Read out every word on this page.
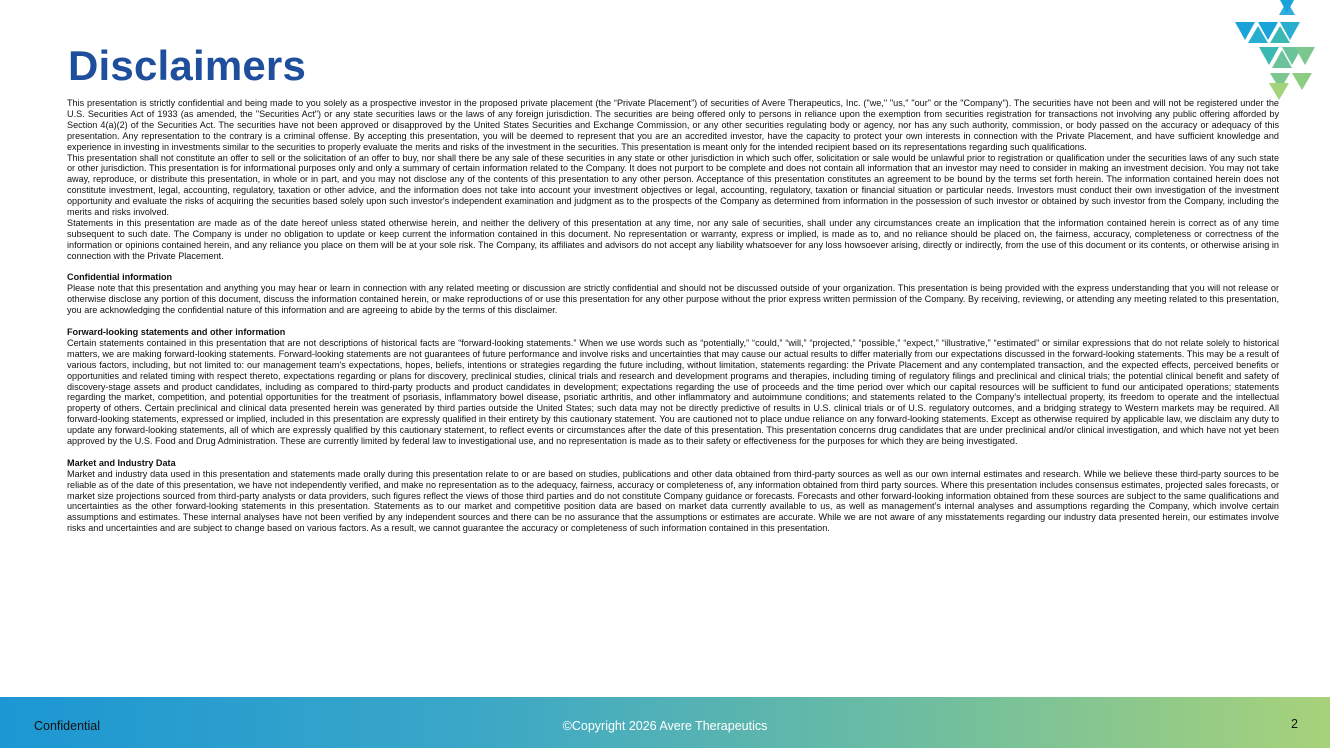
Disclaimers

This presentation is strictly confidential and being made to you solely as a prospective investor in the proposed private placement (the “Private Placement”) of securities of Avere Therapeutics, Inc. ("we," "us," "our" or the "Company"). The securities have not been and will not be registered under the U.S. Securities Act of 1933 (as amended, the "Securities Act") or any state securities laws or the laws of any foreign jurisdiction. The securities are being offered only to persons in reliance upon the exemption from securities registration for transactions not involving any public offering afforded by Section 4(a)(2) of the Securities Act. The securities have not been approved or disapproved by the United States Securities and Exchange Commission, or any other securities regulating body or agency, nor has any such authority, commission, or body passed on the accuracy or adequacy of this presentation. Any representation to the contrary is a criminal offense. By accepting this presentation, you will be deemed to represent that you are an accredited investor, have the capacity to protect your own interests in connection with the Private Placement, and have sufficient knowledge and experience in investing in investments similar to the securities to properly evaluate the merits and risks of the investment in the securities. This presentation is meant only for the intended recipient based on its representations regarding such qualifications.

This presentation shall not constitute an offer to sell or the solicitation of an offer to buy, nor shall there be any sale of these securities in any state or other jurisdiction in which such offer, solicitation or sale would be unlawful prior to registration or qualification under the securities laws of any such state or other jurisdiction. This presentation is for informational purposes only and only a summary of certain information related to the Company. It does not purport to be complete and does not contain all information that an investor may need to consider in making an investment decision. You may not take away, reproduce, or distribute this presentation, in whole or in part, and you may not disclose any of the contents of this presentation to any other person. Acceptance of this presentation constitutes an agreement to be bound by the terms set forth herein. The information contained herein does not constitute investment, legal, accounting, regulatory, taxation or other advice, and the information does not take into account your investment objectives or legal, accounting, regulatory, taxation or financial situation or particular needs. Investors must conduct their own investigation of the investment opportunity and evaluate the risks of acquiring the securities based solely upon such investor's independent examination and judgment as to the prospects of the Company as determined from information in the possession of such investor or obtained by such investor from the Company, including the merits and risks involved.

Statements in this presentation are made as of the date hereof unless stated otherwise herein, and neither the delivery of this presentation at any time, nor any sale of securities, shall under any circumstances create an implication that the information contained herein is correct as of any time subsequent to such date. The Company is under no obligation to update or keep current the information contained in this document. No representation or warranty, express or implied, is made as to, and no reliance should be placed on, the fairness, accuracy, completeness or correctness of the information or opinions contained herein, and any reliance you place on them will be at your sole risk. The Company, its affiliates and advisors do not accept any liability whatsoever for any loss howsoever arising, directly or indirectly, from the use of this document or its contents, or otherwise arising in connection with the Private Placement.

Confidential information

Please note that this presentation and anything you may hear or learn in connection with any related meeting or discussion are strictly confidential and should not be discussed outside of your organization. This presentation is being provided with the express understanding that you will not release or otherwise disclose any portion of this document, discuss the information contained herein, or make reproductions of or use this presentation for any other purpose without the prior express written permission of the Company. By receiving, reviewing, or attending any meeting related to this presentation, you are acknowledging the confidential nature of this information and are agreeing to abide by the terms of this disclaimer.

Forward-looking statements and other information

Certain statements contained in this presentation that are not descriptions of historical facts are “forward-looking statements.” When we use words such as “potentially,” “could,” “will,” “projected,” “possible,” “expect,” “illustrative,” “estimated” or similar expressions that do not relate solely to historical matters, we are making forward-looking statements. Forward-looking statements are not guarantees of future performance and involve risks and uncertainties that may cause our actual results to differ materially from our expectations discussed in the forward-looking statements. This may be a result of various factors, including, but not limited to: our management team’s expectations, hopes, beliefs, intentions or strategies regarding the future including, without limitation, statements regarding: the Private Placement and any contemplated transaction, and the expected effects, perceived benefits or opportunities and related timing with respect thereto, expectations regarding or plans for discovery, preclinical studies, clinical trials and research and development programs and therapies, including timing of regulatory filings and preclinical and clinical trials; the potential clinical benefit and safety of discovery-stage assets and product candidates, including as compared to third-party products and product candidates in development; expectations regarding the use of proceeds and the time period over which our capital resources will be sufficient to fund our anticipated operations; statements regarding the market, competition, and potential opportunities for the treatment of psoriasis, inflammatory bowel disease, psoriatic arthritis, and other inflammatory and autoimmune conditions; and statements related to the Company’s intellectual property, its freedom to operate and the intellectual property of others. Certain preclinical and clinical data presented herein was generated by third parties outside the United States; such data may not be directly predictive of results in U.S. clinical trials or of U.S. regulatory outcomes, and a bridging strategy to Western markets may be required. All forward-looking statements, expressed or implied, included in this presentation are expressly qualified in their entirety by this cautionary statement. You are cautioned not to place undue reliance on any forward-looking statements. Except as otherwise required by applicable law, we disclaim any duty to update any forward-looking statements, all of which are expressly qualified by this cautionary statement, to reflect events or circumstances after the date of this presentation. This presentation concerns drug candidates that are under preclinical and/or clinical investigation, and which have not yet been approved by the U.S. Food and Drug Administration. These are currently limited by federal law to investigational use, and no representation is made as to their safety or effectiveness for the purposes for which they are being investigated.

Market and Industry Data

Market and industry data used in this presentation and statements made orally during this presentation relate to or are based on studies, publications and other data obtained from third-party sources as well as our own internal estimates and research. While we believe these third-party sources to be reliable as of the date of this presentation, we have not independently verified, and make no representation as to the adequacy, fairness, accuracy or completeness of, any information obtained from third party sources. Where this presentation includes consensus estimates, projected sales forecasts, or market size projections sourced from third-party analysts or data providers, such figures reflect the views of those third parties and do not constitute Company guidance or forecasts. Forecasts and other forward-looking information obtained from these sources are subject to the same qualifications and uncertainties as the other forward-looking statements in this presentation. Statements as to our market and competitive position data are based on market data currently available to us, as well as management’s internal analyses and assumptions regarding the Company, which involve certain assumptions and estimates. These internal analyses have not been verified by any independent sources and there can be no assurance that the assumptions or estimates are accurate. While we are not aware of any misstatements regarding our industry data presented herein, our estimates involve risks and uncertainties and are subject to change based on various factors. As a result, we cannot guarantee the accuracy or completeness of such information contained in this presentation.

Confidential	©Copyright 2026 Avere Therapeutics	2
